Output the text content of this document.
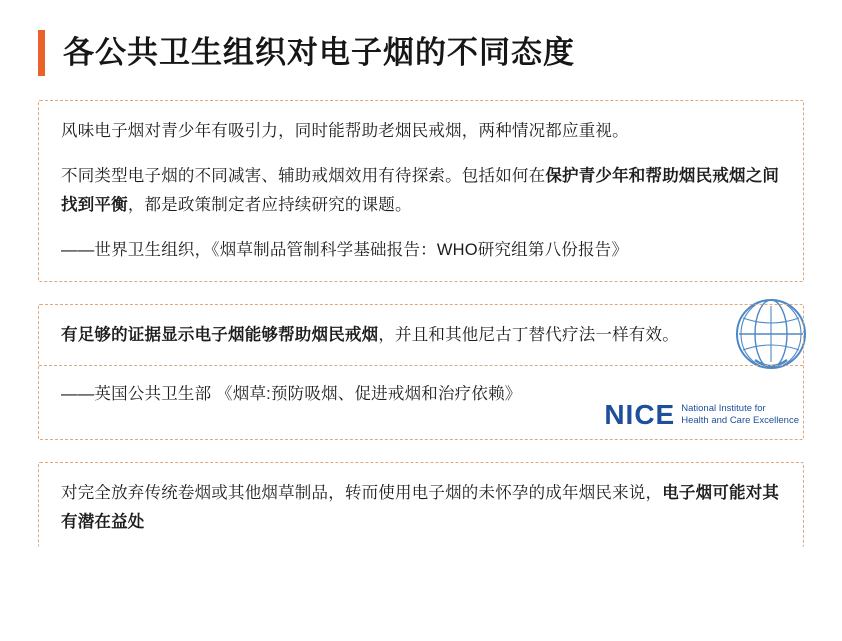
各公共卫生组织对电子烟的不同态度

风味电子烟对青少年有吸引力，同时能帮助老烟民戒烟，两种情况都应重视。

不同类型电子烟的不同减害、辅助戒烟效用有待探索。包括如何在保护青少年和帮助烟民戒烟之间找到平衡，都是政策制定者应持续研究的课题。

——世界卫生组织，《烟草制品管制科学基础报告：WHO研究组第八份报告》

有足够的证据显示电子烟能够帮助烟民戒烟，并且和其他尼古丁替代疗法一样有效。

——英国公共卫生部 《烟草:预防吸烟、促进戒烟和治疗依赖》

NICE National Institute for
Health and Care Excellence

对完全放弃传统卷烟或其他烟草制品，转而使用电子烟的未怀孕的成年烟民来说，电子烟可能对其有潜在益处
